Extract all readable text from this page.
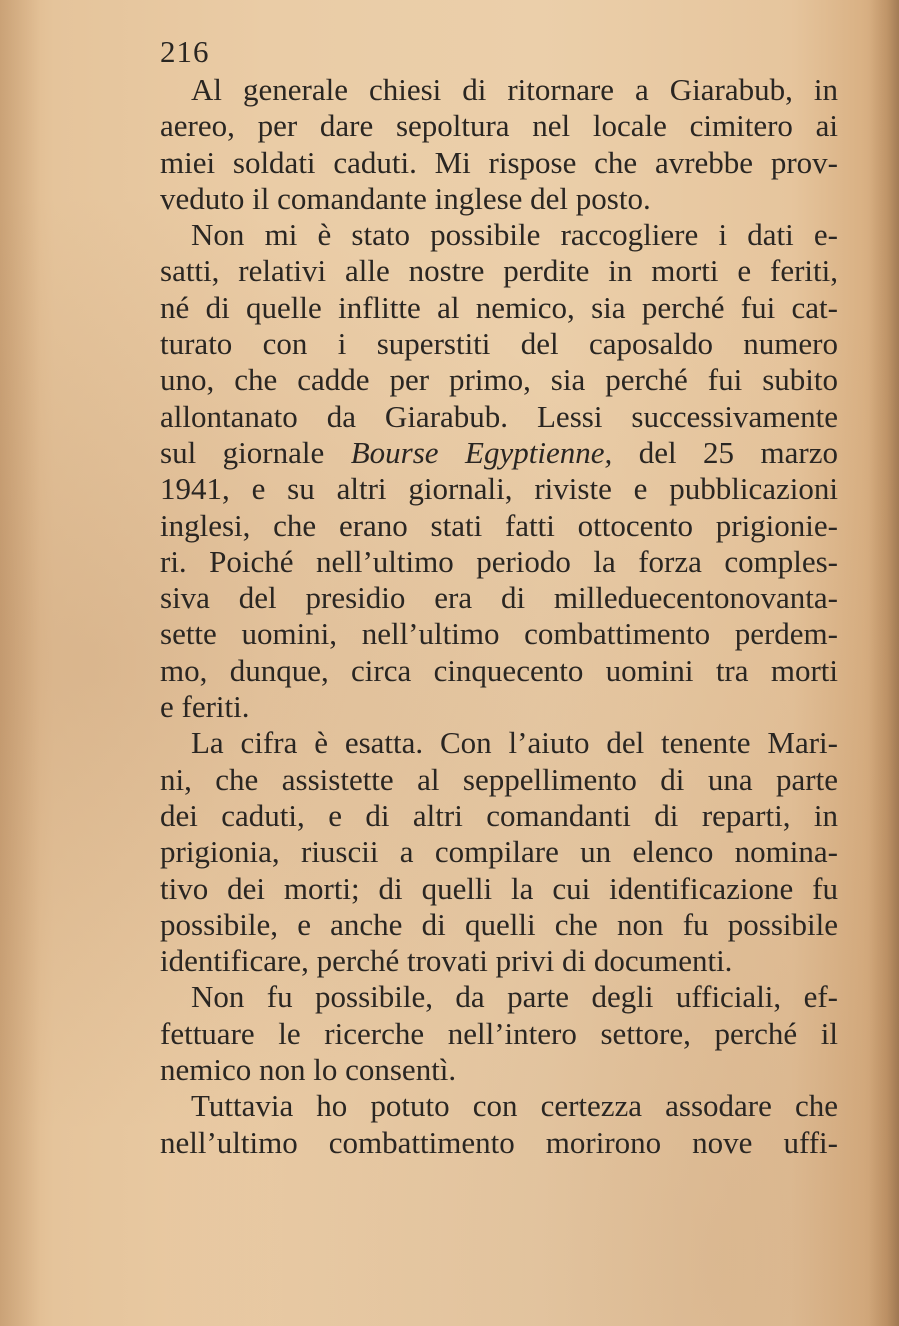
216
Al generale chiesi di ritornare a Giarabub, in
aereo, per dare sepoltura nel locale cimitero ai
miei soldati caduti. Mi rispose che avrebbe prov-
veduto il comandante inglese del posto.
Non mi è stato possibile raccogliere i dati e-
satti, relativi alle nostre perdite in morti e feriti,
né di quelle inflitte al nemico, sia perché fui cat-
turato con i superstiti del caposaldo numero
uno, che cadde per primo, sia perché fui subito
allontanato da Giarabub. Lessi successivamente
sul giornale Bourse Egyptienne, del 25 marzo
1941, e su altri giornali, riviste e pubblicazioni
inglesi, che erano stati fatti ottocento prigionie-
ri. Poiché nell’ultimo periodo la forza comples-
siva del presidio era di milleduecentonovanta-
sette uomini, nell’ultimo combattimento perdem-
mo, dunque, circa cinquecento uomini tra morti
e feriti.
La cifra è esatta. Con l’aiuto del tenente Mari-
ni, che assistette al seppellimento di una parte
dei caduti, e di altri comandanti di reparti, in
prigionia, riuscii a compilare un elenco nomina-
tivo dei morti; di quelli la cui identificazione fu
possibile, e anche di quelli che non fu possibile
identificare, perché trovati privi di documenti.
Non fu possibile, da parte degli ufficiali, ef-
fettuare le ricerche nell’intero settore, perché il
nemico non lo consentì.
Tuttavia ho potuto con certezza assodare che
nell’ultimo combattimento morirono nove uffi-
